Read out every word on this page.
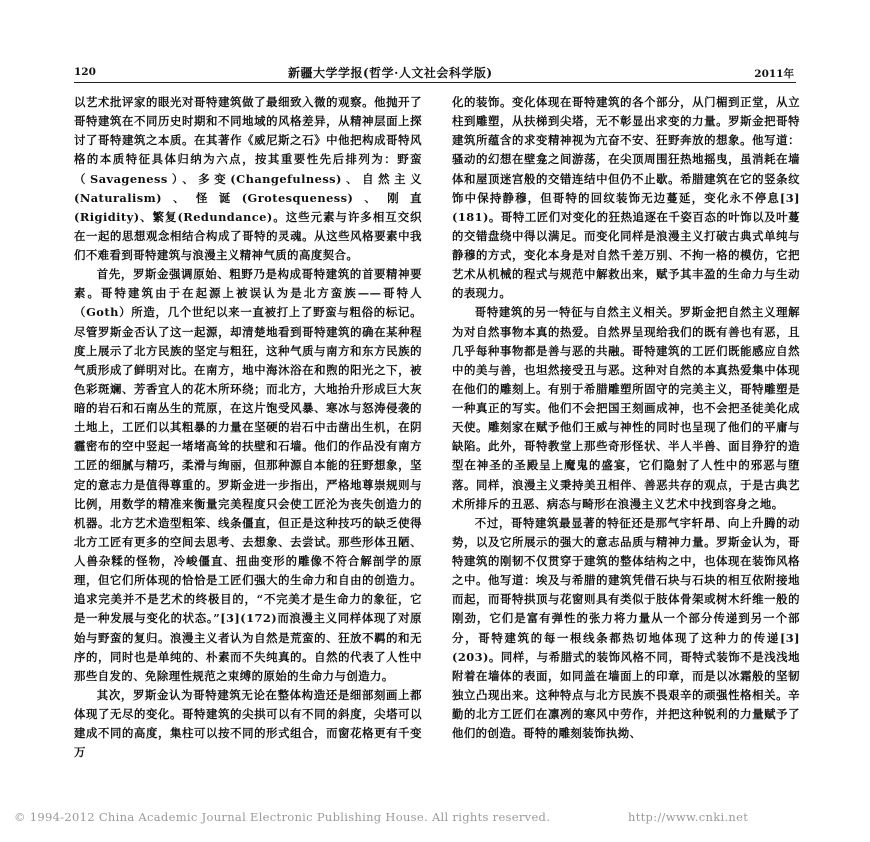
120	新疆大学学报(哲学·人文社会科学版)	2011年

以艺术批评家的眼光对哥特建筑做了最细致入微的观察。他抛开了哥特建筑在不同历史时期和不同地域的风格差异，从精神层面上探讨了哥特建筑之本质。在其著作《威尼斯之石》中他把构成哥特风格的本质特征具体归纳为六点，按其重要性先后排列为：野蛮（Savageness）、多变(Changefulness)、自然主义(Naturalism)、怪诞(Grotesqueness)、刚直(Rigidity)、繁复(Redundance)。这些元素与许多相互交织在一起的思想观念相结合构成了哥特的灵魂。从这些风格要素中我们不难看到哥特建筑与浪漫主义精神气质的高度契合。

首先，罗斯金强调原始、粗野乃是构成哥特建筑的首要精神要素。哥特建筑由于在起源上被误认为是北方蛮族——哥特人（Goth）所造，几个世纪以来一直被打上了野蛮与粗俗的标记。尽管罗斯金否认了这一起源，却清楚地看到哥特建筑的确在某种程度上展示了北方民族的坚定与粗狂，这种气质与南方和东方民族的气质形成了鲜明对比。在南方，地中海沐浴在和煦的阳光之下，被色彩斑斓、芳香宜人的花木所环绕；而北方，大地抬升形成巨大灰暗的岩石和石南丛生的荒原，在这片饱受风暴、寒冰与怒涛侵袭的土地上，工匠们以其粗暴的力量在坚硬的岩石中击凿出生机，在阴霾密布的空中竖起一堵堵高耸的扶壁和石墙。他们的作品没有南方工匠的细腻与精巧，柔滑与绚丽，但那种源自本能的狂野想象，坚定的意志力是值得尊重的。罗斯金进一步指出，严格地尊崇规则与比例，用数学的精准来衡量完美程度只会使工匠沦为丧失创造力的机器。北方艺术造型粗笨、线条僵直，但正是这种技巧的缺乏使得北方工匠有更多的空间去思考、去想象、去尝试。那些形体丑陋、人兽杂糅的怪物，冷峻僵直、扭曲变形的雕像不符合解剖学的原理，但它们所体现的恰恰是工匠们强大的生命力和自由的创造力。追求完美并不是艺术的终极目的，“不完美才是生命力的象征，它是一种发展与变化的状态。”[3](172)而浪漫主义同样体现了对原始与野蛮的复归。浪漫主义者认为自然是荒蛮的、狂放不羁的和无序的，同时也是单纯的、朴素而不失纯真的。自然的代表了人性中那些自发的、免除理性规范之束缚的原始的生命力与创造力。

其次，罗斯金认为哥特建筑无论在整体构造还是细部刻画上都体现了无尽的变化。哥特建筑的尖拱可以有不同的斜度，尖塔可以建成不同的高度，集柱可以按不同的形式组合，而窗花格更有千变万

化的装饰。变化体现在哥特建筑的各个部分，从门楣到正堂，从立柱到雕塑，从扶梯到尖塔，无不彰显出求变的力量。罗斯金把哥特建筑所蕴含的求变精神视为亢奋不安、狂野奔放的想象。他写道：骚动的幻想在壁龛之间游荡，在尖顶周围狂热地摇曳，虽消耗在墙体和屋顶迷宫般的交错连结中但仍不止歇。希腊建筑在它的竖条纹饰中保持静穆，但哥特的回纹装饰无边蔓延，变化永不停息[3](181)。哥特工匠们对变化的狂热追逐在千姿百态的叶饰以及叶蔓的交错盘绕中得以满足。而变化同样是浪漫主义打破古典式单纯与静穆的方式，变化本身是对自然千差万别、不拘一格的模仿，它把艺术从机械的程式与规范中解救出来，赋予其丰盈的生命力与生动的表现力。

哥特建筑的另一特征与自然主义相关。罗斯金把自然主义理解为对自然事物本真的热爱。自然界呈现给我们的既有善也有恶，且几乎每种事物都是善与恶的共融。哥特建筑的工匠们既能感应自然中的美与善，也坦然接受丑与恶。这种对自然的本真热爱集中体现在他们的雕刻上。有别于希腊雕塑所固守的完美主义，哥特雕塑是一种真正的写实。他们不会把国王刻画成神，也不会把圣徒美化成天使。雕刻家在赋予他们王威与神性的同时也呈现了他们的平庸与缺陷。此外，哥特教堂上那些奇形怪状、半人半兽、面目狰狞的造型在神圣的圣殿呈上魔鬼的盛宴，它们隐射了人性中的邪恶与堕落。同样，浪漫主义秉持美丑相伴、善恶共存的观点，于是古典艺术所排斥的丑恶、病态与畸形在浪漫主义艺术中找到容身之地。

不过，哥特建筑最显著的特征还是那气宇轩昂、向上升腾的动势，以及它所展示的强大的意志品质与精神力量。罗斯金认为，哥特建筑的刚韧不仅贯穿于建筑的整体结构之中，也体现在装饰风格之中。他写道：埃及与希腊的建筑凭借石块与石块的相互依附接地而起，而哥特拱顶与花窗则具有类似于肢体骨架或树木纤维一般的刚劲，它们是富有弹性的张力将力量从一个部分传递到另一个部分，哥特建筑的每一根线条都热切地体现了这种力的传递[3](203)。同样，与希腊式的装饰风格不同，哥特式装饰不是浅浅地附着在墙体的表面，如同盖在墙面上的印章，而是以冰霜般的坚韧独立凸现出来。这种特点与北方民族不畏艰辛的顽强性格相关。辛勤的北方工匠们在凛冽的寒风中劳作，并把这种锐利的力量赋予了他们的创造。哥特的雕刻装饰执拗、

© 1994-2012 China Academic Journal Electronic Publishing House. All rights reserved.	http://www.cnki.net
